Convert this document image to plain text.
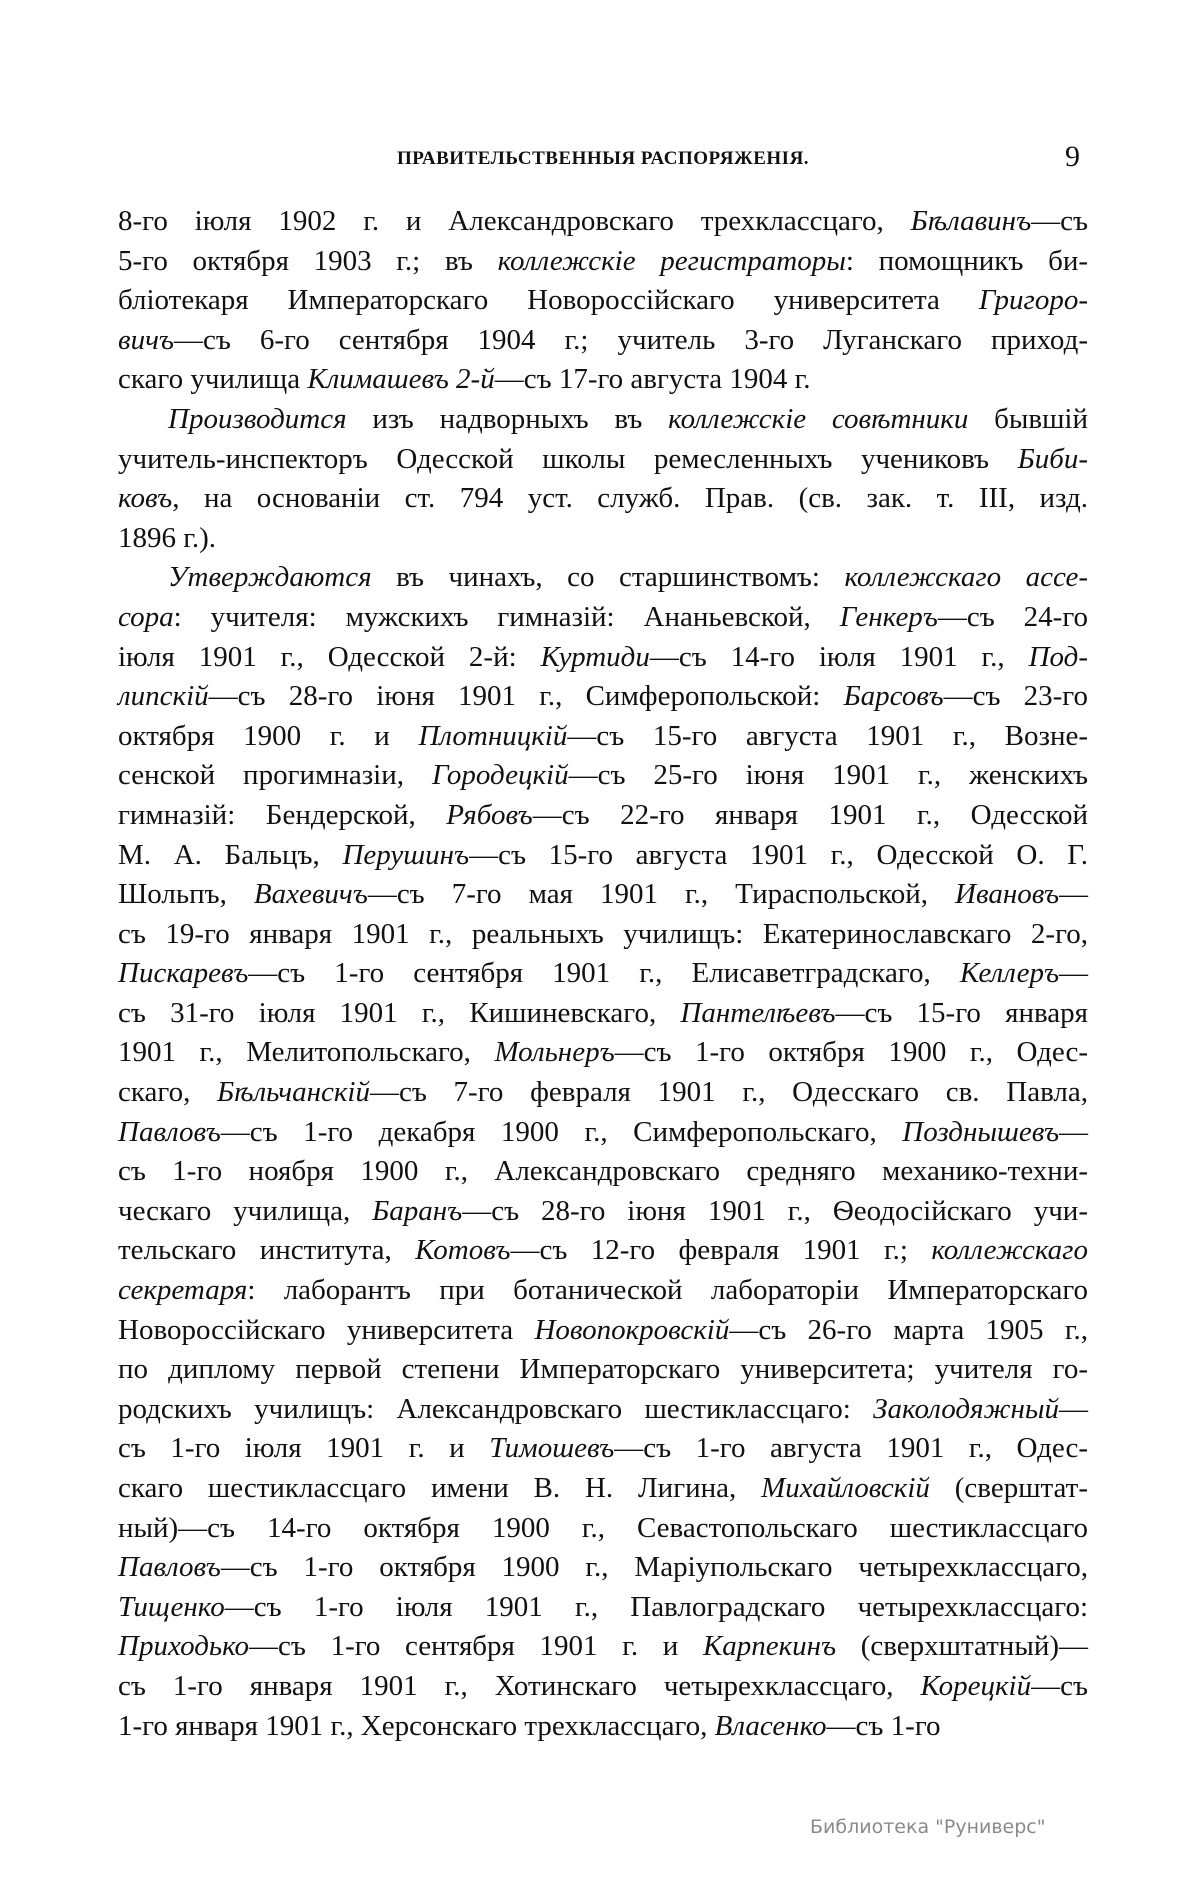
ПРАВИТЕЛЬСТВЕННЫЯ РАСПОРЯЖЕНІЯ.	9
8-го іюля 1902 г. и Александровскаго трехклассцаго, Бѣлавинъ—съ
5-го октября 1903 г.; въ коллежскіе регистраторы: помощникъ би-
бліотекаря Императорскаго Новороссійскаго университета Григоро-
вичъ—съ 6-го сентября 1904 г.; учитель 3-го Луганскаго приход-
скаго училища Климашевъ 2-й—съ 17-го августа 1904 г.
Производится изъ надворныхъ въ коллежскіе совѣтники бывшій
учитель-инспекторъ Одесской школы ремесленныхъ учениковъ Биби-
ковъ, на основаніи ст. 794 уст. служб. Прав. (св. зак. т. III, изд.
1896 г.).
Утверждаются въ чинахъ, со старшинствомъ: коллежскаго ассе-
сора: учителя: мужскихъ гимназій: Ананьевской, Генкеръ—съ 24-го
іюля 1901 г., Одесской 2-й: Куртиди—съ 14-го іюля 1901 г., Под-
липскій—съ 28-го іюня 1901 г., Симферопольской: Барсовъ—съ 23-го
октября 1900 г. и Плотницкій—съ 15-го августа 1901 г., Возне-
сенской прогимназіи, Городецкій—съ 25-го іюня 1901 г., женскихъ
гимназій: Бендерской, Рябовъ—съ 22-го января 1901 г., Одесской
М. А. Бальцъ, Перушинъ—съ 15-го августа 1901 г., Одесской О. Г.
Шольпъ, Вахевичъ—съ 7-го мая 1901 г., Тираспольской, Ивановъ—
съ 19-го января 1901 г., реальныхъ училищъ: Екатеринославскаго 2-го,
Пискаревъ—съ 1-го сентября 1901 г., Елисаветградскаго, Келлеръ—
съ 31-го іюля 1901 г., Кишиневскаго, Пантелѣевъ—съ 15-го января
1901 г., Мелитопольскаго, Мольнеръ—съ 1-го октября 1900 г., Одес-
скаго, Бѣльчанскій—съ 7-го февраля 1901 г., Одесскаго св. Павла,
Павловъ—съ 1-го декабря 1900 г., Симферопольскаго, Позднышевъ—
съ 1-го ноября 1900 г., Александровскаго средняго механико-техни-
ческаго училища, Баранъ—съ 28-го іюня 1901 г., Ѳеодосійскаго учи-
тельскаго института, Котовъ—съ 12-го февраля 1901 г.; коллежскаго
секретаря: лаборантъ при ботанической лабораторіи Императорскаго
Новороссійскаго университета Новопокровскій—съ 26-го марта 1905 г.,
по диплому первой степени Императорскаго университета; учителя го-
родскихъ училищъ: Александровскаго шестиклассцаго: Заколодяжный—
съ 1-го іюля 1901 г. и Тимошевъ—съ 1-го августа 1901 г., Одес-
скаго шестиклассцаго имени В. Н. Лигина, Михайловскій (сверштат-
ный)—съ 14-го октября 1900 г., Севастопольскаго шестиклассцаго
Павловъ—съ 1-го октября 1900 г., Маріупольскаго четырехклассцаго,
Тищенко—съ 1-го іюля 1901 г., Павлоградскаго четырехклассцаго:
Приходько—съ 1-го сентября 1901 г. и Карпекинъ (сверхштатный)—
съ 1-го января 1901 г., Хотинскаго четырехклассцаго, Корецкій—съ
1-го января 1901 г., Херсонскаго трехклассцаго, Власенко—съ 1-го
Библиотека "Руниверс"
